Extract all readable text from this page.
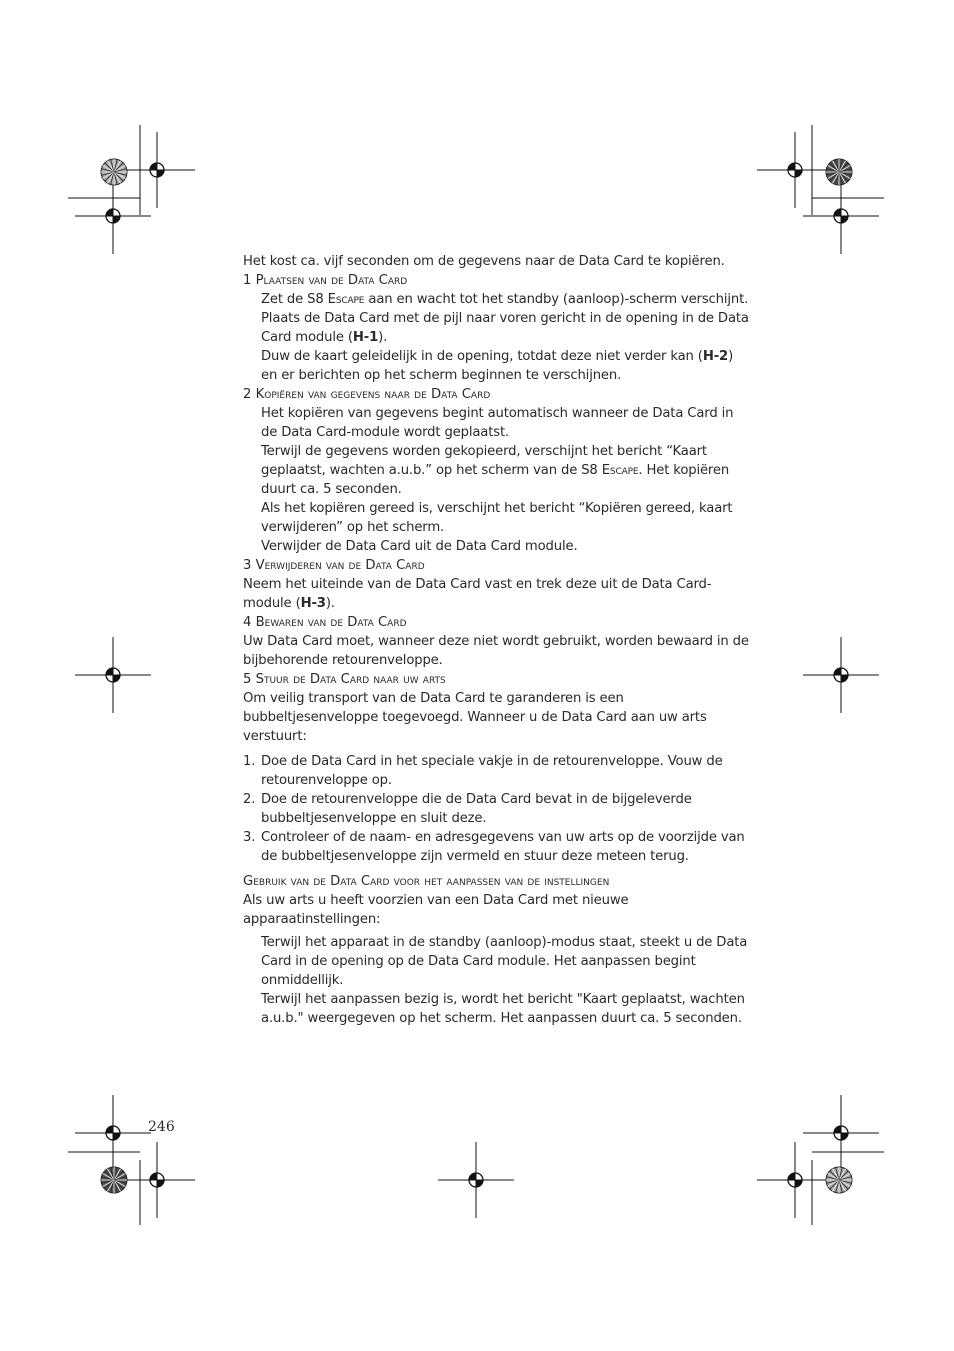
Het kost ca. vijf seconden om de gegevens naar de Data Card te kopiëren.

1 Plaatsen van de Data Card

Zet de S8 Escape aan en wacht tot het standby (aanloop)-scherm verschijnt.

Plaats de Data Card met de pijl naar voren gericht in de opening in de Data Card module (H-1).

Duw de kaart geleidelijk in de opening, totdat deze niet verder kan (H-2) en er berichten op het scherm beginnen te verschijnen.

2 Kopiëren van gegevens naar de Data Card

Het kopiëren van gegevens begint automatisch wanneer de Data Card in de Data Card-module wordt geplaatst.

Terwijl de gegevens worden gekopieerd, verschijnt het bericht “Kaart geplaatst, wachten a.u.b.” op het scherm van de S8 Escape. Het kopiëren duurt ca. 5 seconden.

Als het kopiëren gereed is, verschijnt het bericht “Kopiëren gereed, kaart verwijderen” op het scherm.

Verwijder de Data Card uit de Data Card module.

3 Verwijderen van de Data Card

Neem het uiteinde van de Data Card vast en trek deze uit de Data Card-module (H-3).

4 Bewaren van de Data Card

Uw Data Card moet, wanneer deze niet wordt gebruikt, worden bewaard in de bijbehorende retourenveloppe.

5 Stuur de Data Card naar uw arts

Om veilig transport van de Data Card te garanderen is een bubbeltjesenveloppe toegevoegd. Wanneer u de Data Card aan uw arts verstuurt:

1. Doe de Data Card in het speciale vakje in de retourenveloppe. Vouw de retourenveloppe op.
2. Doe de retourenveloppe die de Data Card bevat in de bijgeleverde bubbeltjesenveloppe en sluit deze.
3. Controleer of de naam- en adresgegevens van uw arts op de voorzijde van de bubbeltjesenveloppe zijn vermeld en stuur deze meteen terug.

Gebruik van de Data Card voor het aanpassen van de instellingen

Als uw arts u heeft voorzien van een Data Card met nieuwe apparaatinstellingen:

Terwijl het apparaat in de standby (aanloop)-modus staat, steekt u de Data Card in de opening op de Data Card module. Het aanpassen begint onmiddellijk.

Terwijl het aanpassen bezig is, wordt het bericht "Kaart geplaatst, wachten a.u.b." weergegeven op het scherm. Het aanpassen duurt ca. 5 seconden.

246
